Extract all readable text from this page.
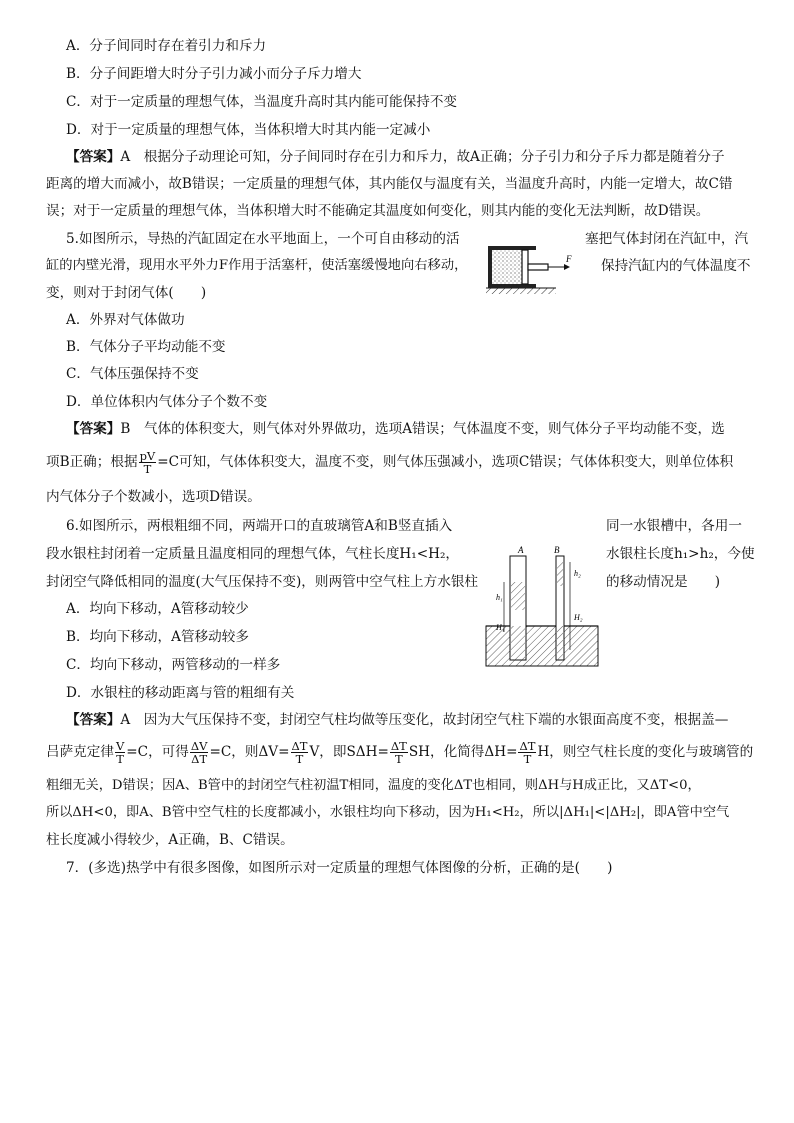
A．分子间同时存在着引力和斥力
B．分子间距增大时分子引力减小而分子斥力增大
C．对于一定质量的理想气体，当温度升高时其内能可能保持不变
D．对于一定质量的理想气体，当体积增大时其内能一定减小
【答案】A　根据分子动理论可知，分子间同时存在引力和斥力，故A正确；分子引力和分子斥力都是随着分子
距离的增大而减小，故B错误；一定质量的理想气体，其内能仅与温度有关，当温度升高时，内能一定增大，故C错
误；对于一定质量的理想气体，当体积增大时不能确定其温度如何变化，则其内能的变化无法判断，故D错误。
5.如图所示，导热的汽缸固定在水平地面上，一个可自由移动的活
缸的内壁光滑，现用水平外力F作用于活塞杆，使活塞缓慢地向右移动，
变，则对于封闭气体(　　)
塞把气体封闭在汽缸中，汽
保持汽缸内的气体温度不
F
A．外界对气体做功
B．气体分子平均动能不变
C．气体压强保持不变
D．单位体积内气体分子个数不变
【答案】B　气体的体积变大，则气体对外界做功，选项A错误；气体温度不变，则气体分子平均动能不变，选
项B正确；根据 $\frac{pV}{T} =C$可知，气体体积变大，温度不变，则气体压强减小，选项C错误；气体体积变大，则单位体积
内气体分子个数减小，选项D错误。
6.如图所示，两根粗细不同，两端开口的直玻璃管A和B竖直插入
段水银柱封闭着一定质量且温度相同的理想气体，气柱长度H₁<H₂，
封闭空气降低相同的温度(大气压保持不变)，则两管中空气柱上方水银柱
同一水银槽中，各用一
水银柱长度h₁>h₂，今使
的移动情况是　　)
A	B
h₁
H₁
h₂
H₂
A．均向下移动，A管移动较少
B．均向下移动，A管移动较多
C．均向下移动，两管移动的一样多
D．水银柱的移动距离与管的粗细有关
【答案】A　因为大气压保持不变，封闭空气柱均做等压变化，故封闭空气柱下端的水银面高度不变，根据盖—
吕萨克定律 $\frac{V}{T} =C$，可得 $\frac{\Delta V}{\Delta T} =C$，则$\Delta V= \frac{\Delta T}{T}$ V，即$S\Delta H= \frac{\Delta T}{T}$ SH，化简得$\Delta H= \frac{\Delta T}{T}$ H，则空气柱长度的变化与玻璃管的
粗细无关，D错误；因A、B管中的封闭空气柱初温T相同，温度的变化ΔT也相同，则ΔH与H成正比，又ΔT<0，
所以ΔH<0，即A、B管中空气柱的长度都减小，水银柱均向下移动，因为H₁<H₂，所以|ΔH₁|<|ΔH₂|，即A管中空气
柱长度减小得较少，A正确，B、C错误。
7．(多选)热学中有很多图像，如图所示对一定质量的理想气体图像的分析，正确的是(　　)
